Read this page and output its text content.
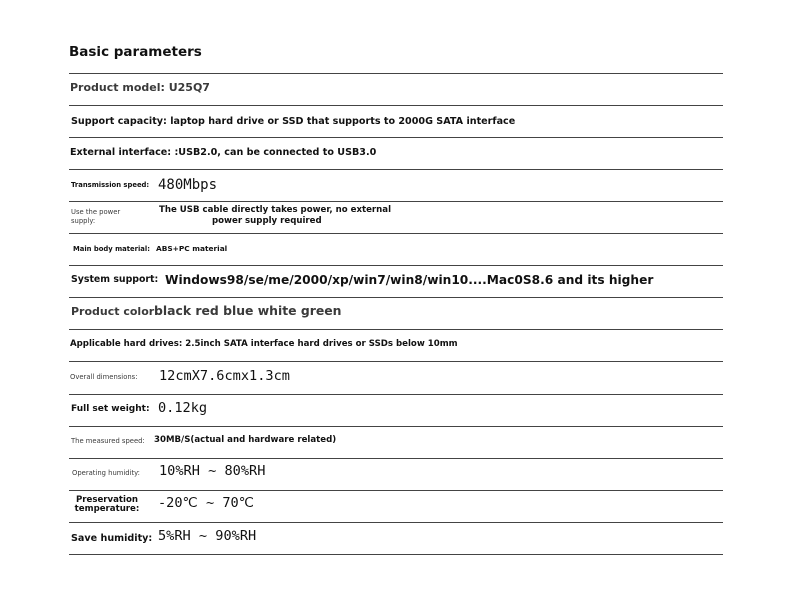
Basic parameters
Product model: U25Q7
Support capacity: laptop hard drive or SSD that supports to 2000G SATA interface
External interface: :USB2.0, can be connected to USB3.0
Transmission speed: 480Mbps
Use the power
supply:
The USB cable directly takes power, no external
power supply required
Main body material: ABS+PC material
System support: Windows98/se/me/2000/xp/win7/win8/win10....Mac0S8.6 and its higher
Product color:
black red blue white green
Applicable hard drives: 2.5inch SATA interface hard drives or SSDs below 10mm
Overall dimensions: 12cmX7.6cmx1.3cm
Full set weight: 0.12kg
The measured speed: 30MB/S(actual and hardware related)
Operating humidity: 10%RH ~ 80%RH
Preservation
temperature: -20℃ ~ 70℃
Save humidity: 5%RH ~ 90%RH
